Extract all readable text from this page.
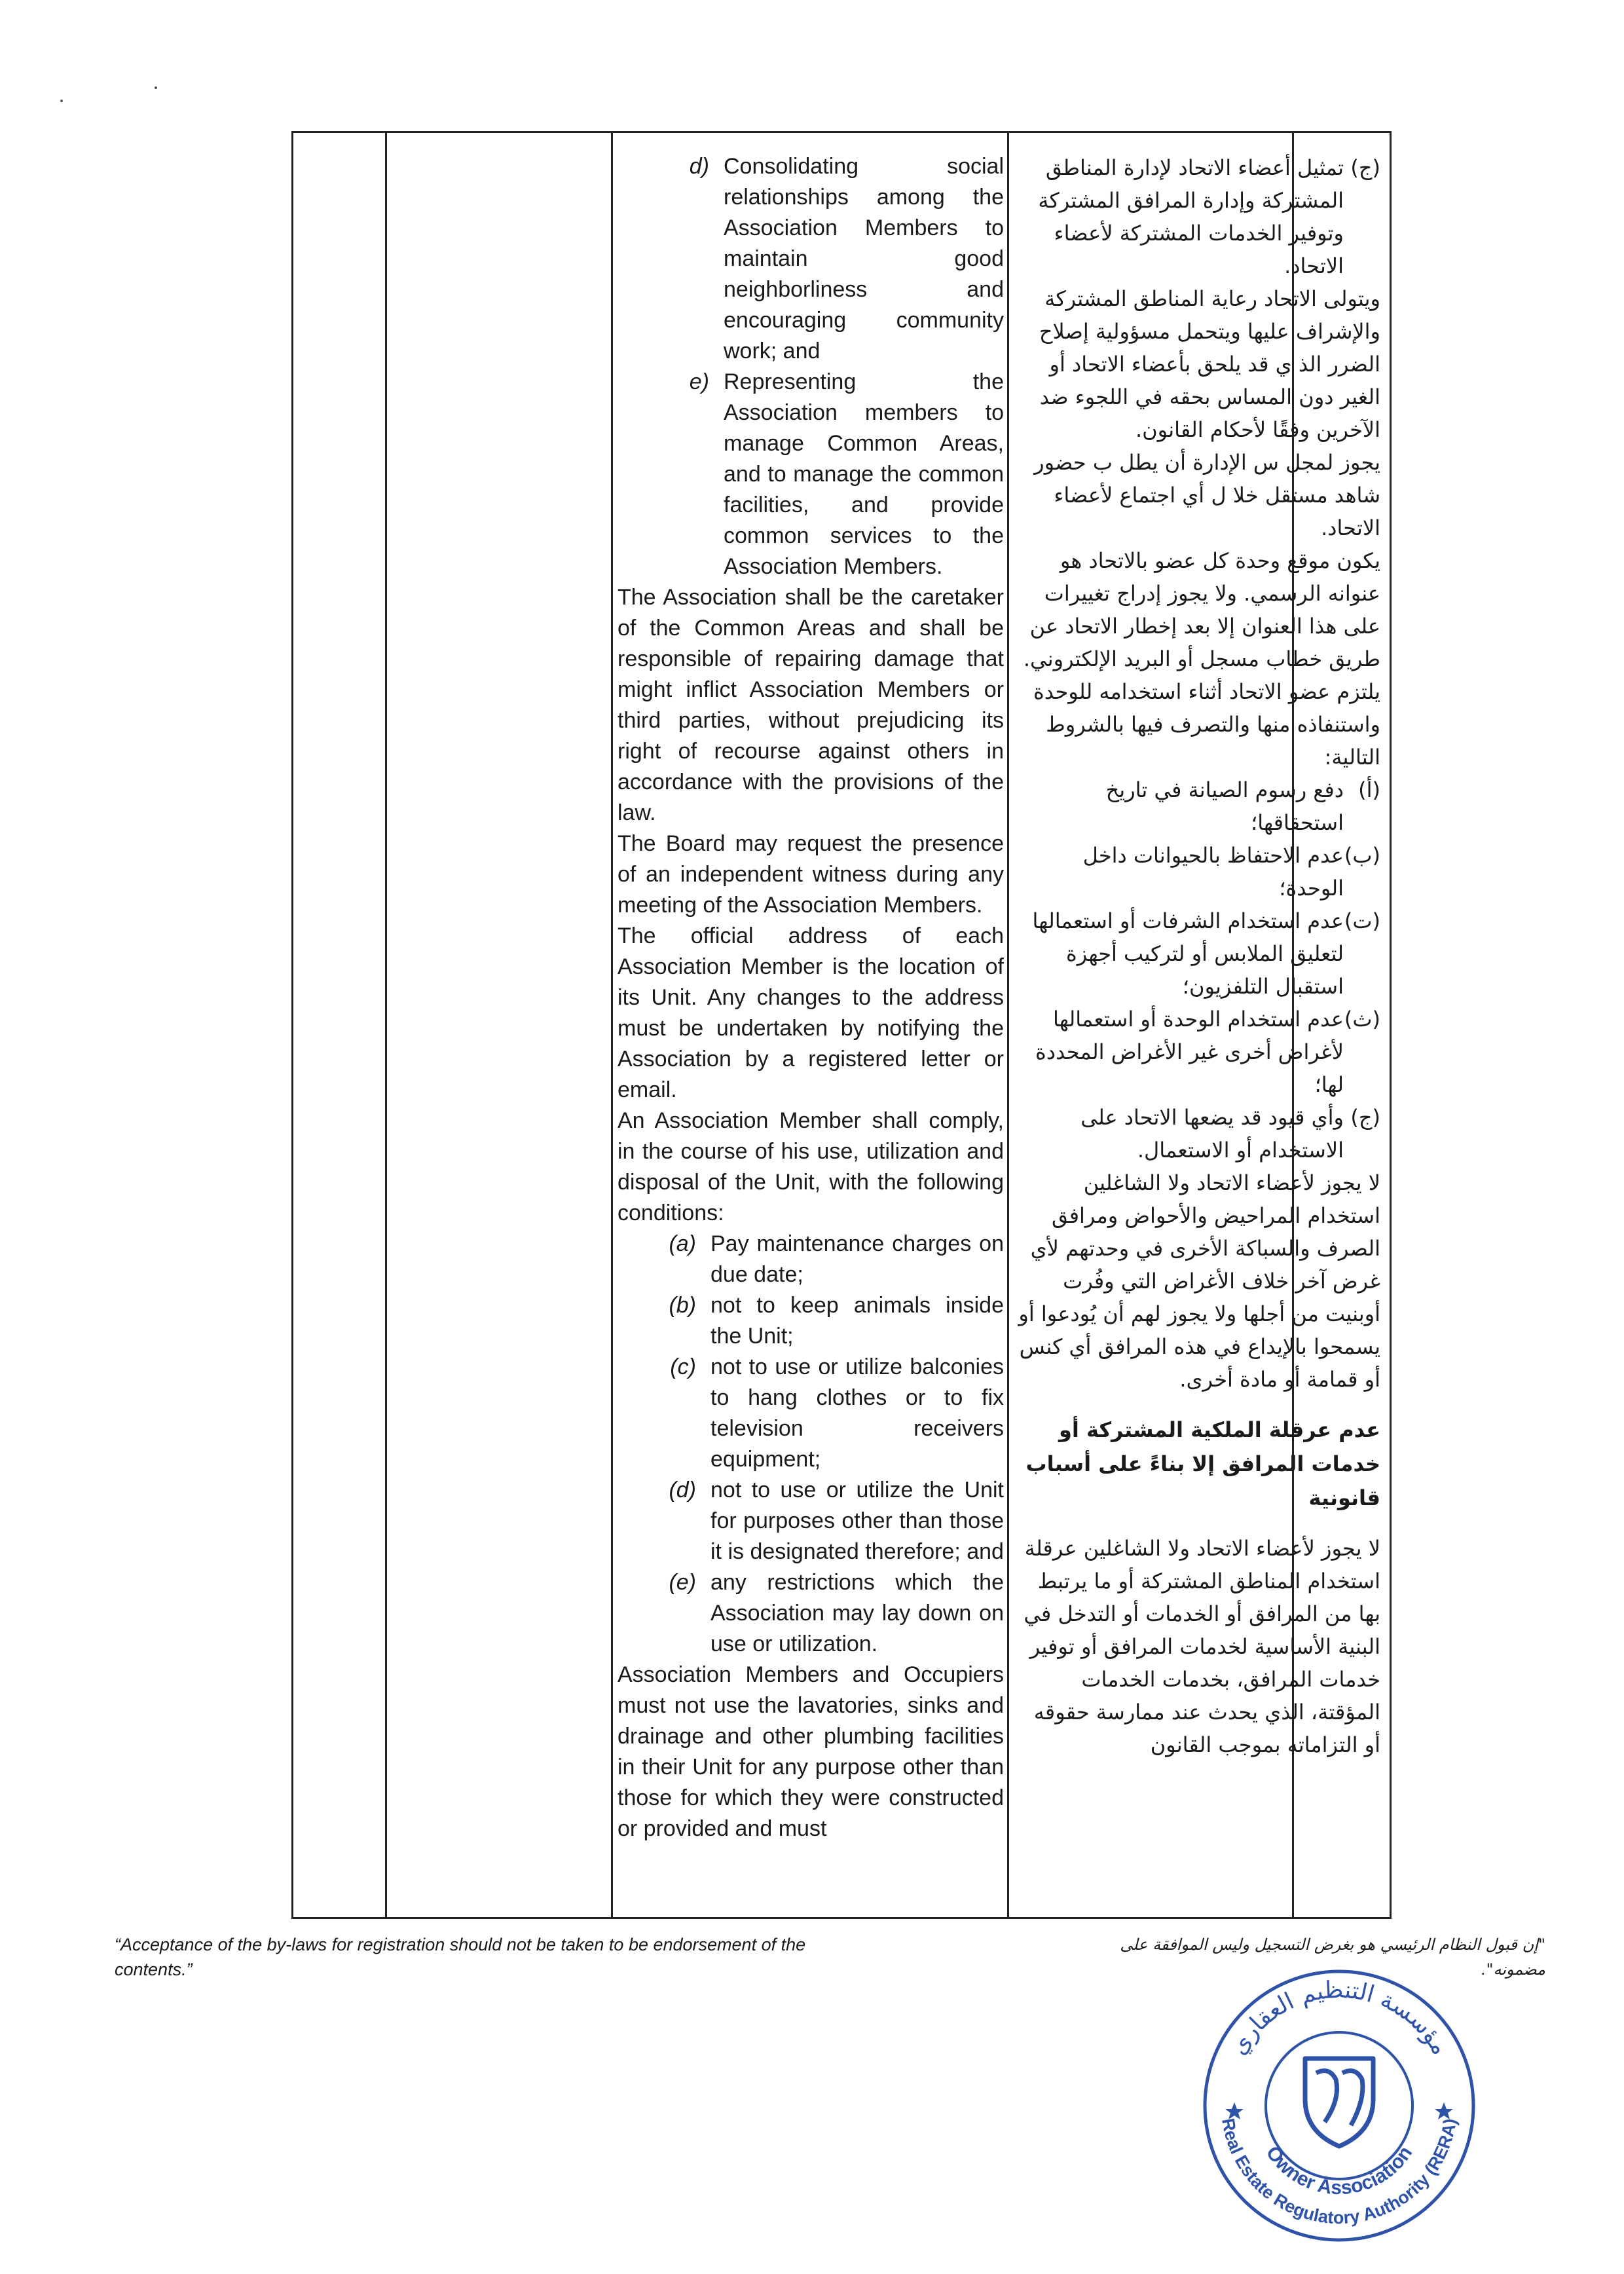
d) Consolidating social relationships among the Association Members to maintain good neighborliness and encouraging community work; and
e) Representing the Association members to manage Common Areas, and to manage the common facilities, and provide common services to the Association Members.

The Association shall be the caretaker of the Common Areas and shall be responsible of repairing damage that might inflict Association Members or third parties, without prejudicing its right of recourse against others in accordance with the provisions of the law.

The Board may request the presence of an independent witness during any meeting of the Association Members.

The official address of each Association Member is the location of its Unit. Any changes to the address must be undertaken by notifying the Association by a registered letter or email.

An Association Member shall comply, in the course of his use, utilization and disposal of the Unit, with the following conditions:

(a) Pay maintenance charges on due date;
(b) not to keep animals inside the Unit;
(c) not to use or utilize balconies to hang clothes or to fix television receivers equipment;
(d) not to use or utilize the Unit for purposes other than those it is designated therefore; and
(e) any restrictions which the Association may lay down on use or utilization.

Association Members and Occupiers must not use the lavatories, sinks and drainage and other plumbing facilities in their Unit for any purpose other than those for which they were constructed or provided and must

(ج)
تمثيل أعضاء الاتحاد لإدارة المناطق المشتركة وإدارة المرافق المشتركة وتوفير الخدمات المشتركة لأعضاء الاتحاد.

ويتولى الاتحاد رعاية المناطق المشتركة والإشراف عليها ويتحمل مسؤولية إصلاح الضرر الذ ي قد يلحق بأعضاء الاتحاد أو الغير دون المساس بحقه في اللجوء ضد الآخرين وفقًا لأحكام القانون.

يجوز لمجل س الإدارة أن يطل ب حضور شاهد مستقل خلا ل أي اجتماع لأعضاء الاتحاد.

يكون موقع وحدة كل عضو بالاتحاد هو عنوانه الرسمي. ولا يجوز إدراج تغييرات على هذا العنوان إلا بعد إخطار الاتحاد عن طريق خطاب مسجل أو البريد الإلكتروني.

يلتزم عضو الاتحاد أثناء استخدامه للوحدة واستنفاذه منها والتصرف فيها بالشروط التالية:

(أ)
دفع رسوم الصيانة في تاريخ استحقاقها؛
(ب)
عدم الاحتفاظ بالحيوانات داخل الوحدة؛
(ت)
عدم استخدام الشرفات أو استعمالها لتعليق الملابس أو لتركيب أجهزة استقبال التلفزيون؛
(ث)
عدم استخدام الوحدة أو استعمالها لأغراض أخرى غير الأغراض المحددة لها؛
(ج)
وأي قيود قد يضعها الاتحاد على الاستخدام أو الاستعمال.

لا يجوز لأعضاء الاتحاد ولا الشاغلين استخدام المراحيض والأحواض ومرافق الصرف والسباكة الأخرى في وحدتهم لأي غرض آخر خلاف الأغراض التي وفُرت أوبنيت من أجلها ولا يجوز لهم أن يُودعوا أو يسمحوا بالإيداع في هذه المرافق أي كنس أو قمامة أو مادة أخرى.

عدم عرقلة الملكية المشتركة أو خدمات المرافق إلا بناءً على أسباب قانونية

لا يجوز لأعضاء الاتحاد ولا الشاغلين عرقلة استخدام المناطق المشتركة أو ما يرتبط بها من المرافق أو الخدمات أو التدخل في البنية الأساسية لخدمات المرافق أو توفير خدمات المرافق، بخدمات الخدمات المؤقتة، الذي يحدث عند ممارسة حقوقه أو التزاماته بموجب القانون

“Acceptance of the by-laws for registration should not be taken to be endorsement of the contents.”
"إن قبول النظام الرئيسي هو بغرض التسجيل وليس الموافقة على مضمونه".
مؤسسة التنظيم العقاري
Owner Association
Real Estate Regulatory Authority (RERA)
